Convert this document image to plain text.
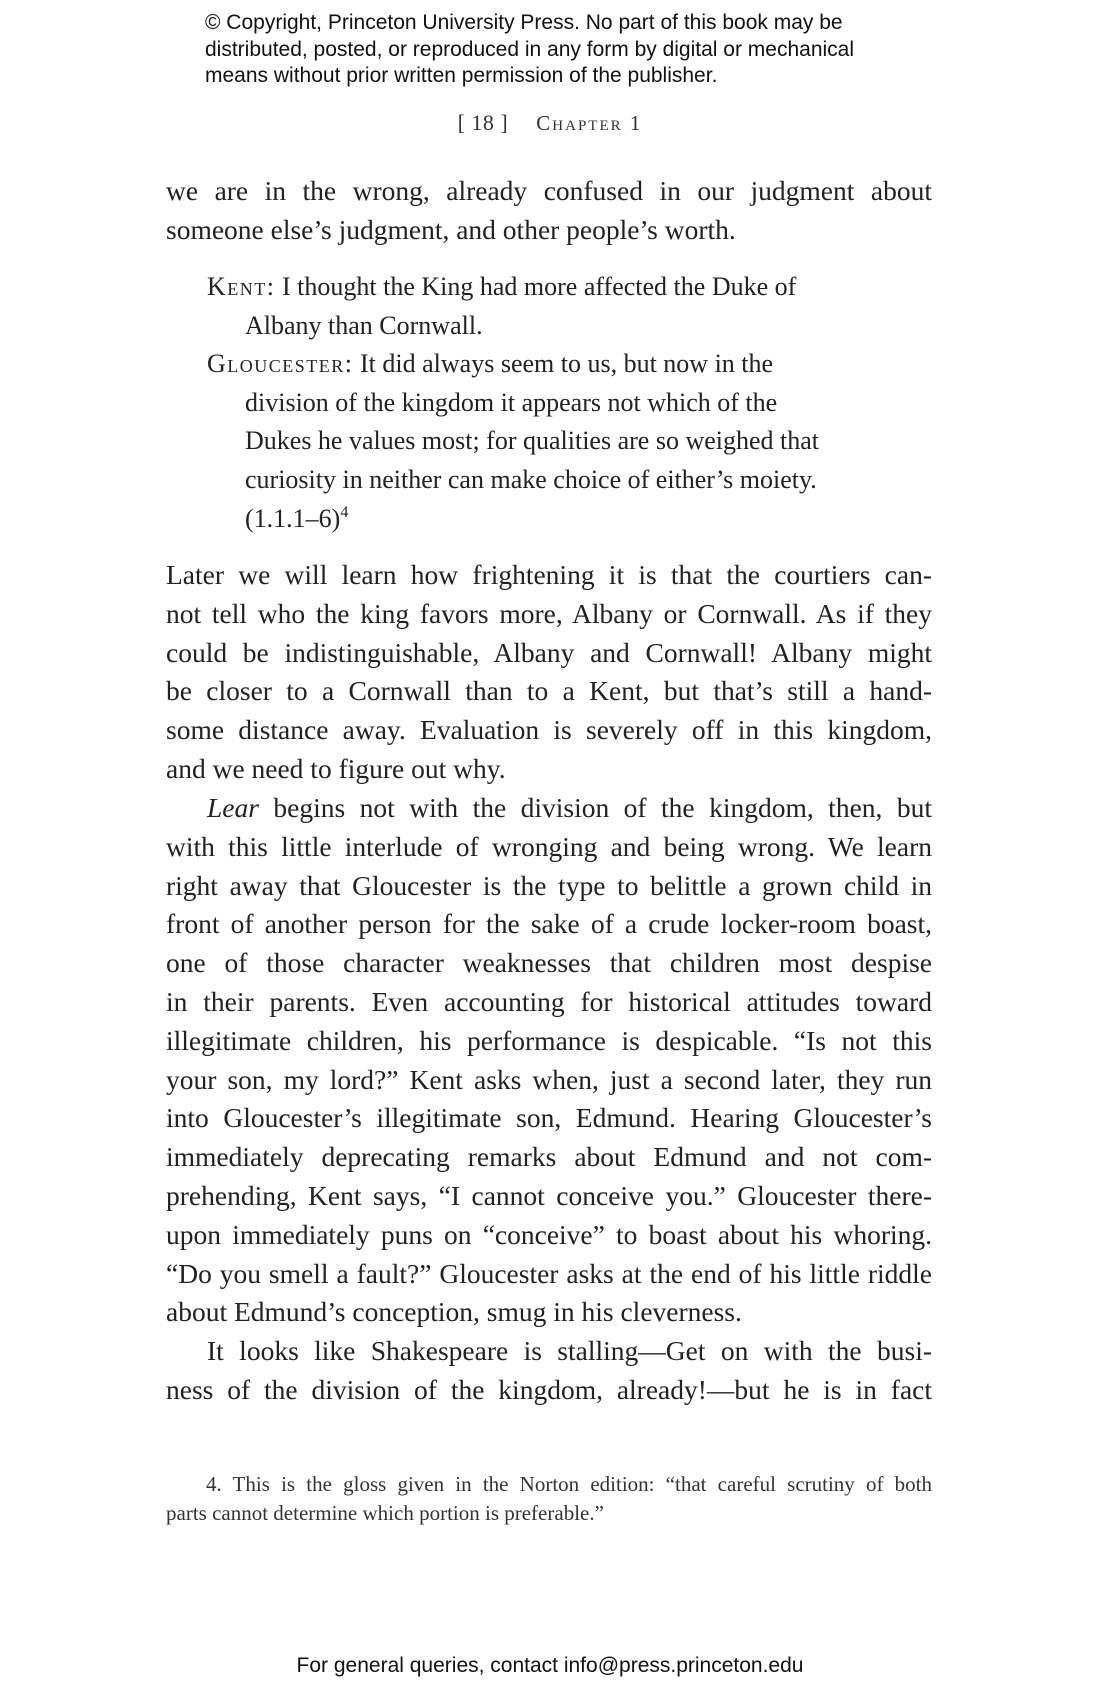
© Copyright, Princeton University Press. No part of this book may be
distributed, posted, or reproduced in any form by digital or mechanical
means without prior written permission of the publisher.
[ 18 ] Chapter 1
we are in the wrong, already confused in our judgment about
someone else’s judgment, and other people’s worth.
Kent: I thought the King had more affected the Duke of
Albany than Cornwall.
Gloucester: It did always seem to us, but now in the
division of the kingdom it appears not which of the
Dukes he values most; for qualities are so weighed that
curiosity in neither can make choice of either’s moiety.
$(1.1.1-6)^4$
Later we will learn how frightening it is that the courtiers can-
not tell who the king favors more, Albany or Cornwall. As if they
could be indistinguishable, Albany and Cornwall! Albany might
be closer to a Cornwall than to a Kent, but that’s still a hand-
some distance away. Evaluation is severely off in this kingdom,
and we need to figure out why.
Lear begins not with the division of the kingdom, then, but
with this little interlude of wronging and being wrong. We learn
right away that Gloucester is the type to belittle a grown child in
front of another person for the sake of a crude locker-room boast,
one of those character weaknesses that children most despise
in their parents. Even accounting for historical attitudes toward
illegitimate children, his performance is despicable. “Is not this
your son, my lord?” Kent asks when, just a second later, they run
into Gloucester’s illegitimate son, Edmund. Hearing Gloucester’s
immediately deprecating remarks about Edmund and not com-
prehending, Kent says, “I cannot conceive you.” Gloucester there-
upon immediately puns on “conceive” to boast about his whoring.
“Do you smell a fault?” Gloucester asks at the end of his little riddle
about Edmund’s conception, smug in his cleverness.
It looks like Shakespeare is stalling—Get on with the busi-
ness of the division of the kingdom, already!—but he is in fact
4. This is the gloss given in the Norton edition: “that careful scrutiny of both
parts cannot determine which portion is preferable.”
For general queries, contact info@press.princeton.edu
